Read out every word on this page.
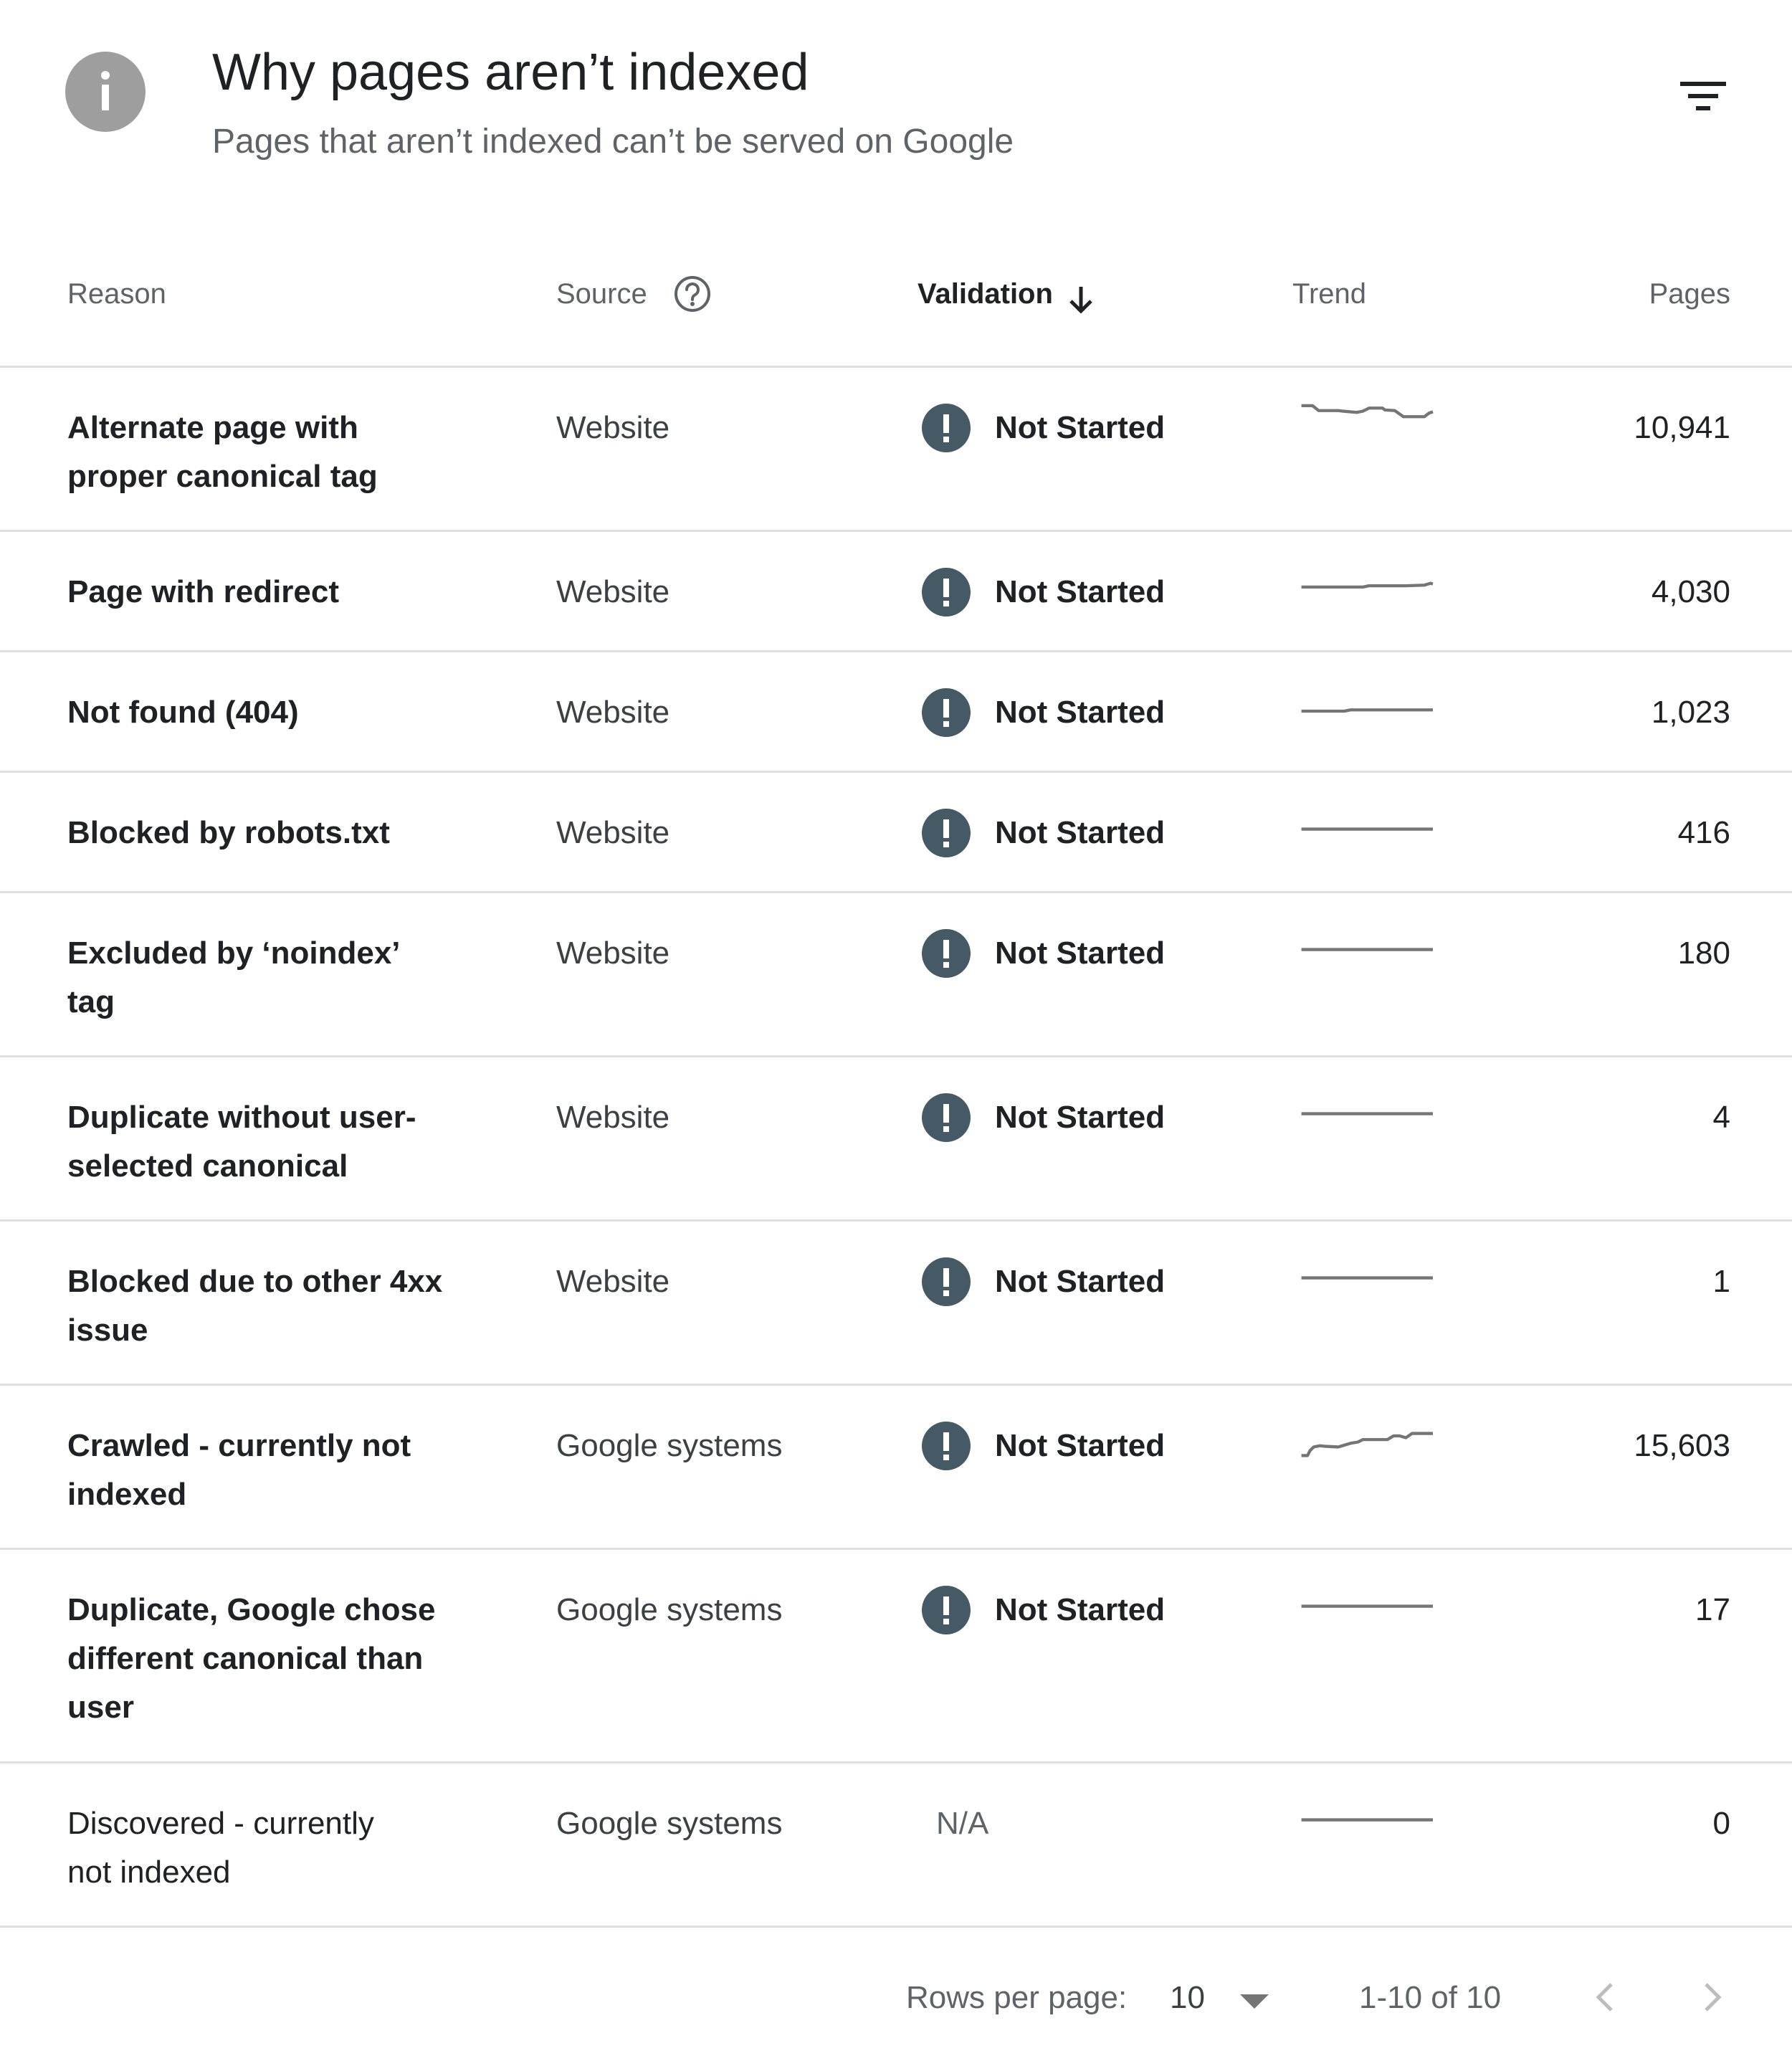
Why pages aren’t indexed
Pages that aren’t indexed can’t be served on Google
Reason	Source	Validation	Trend	Pages
Alternate page with
proper canonical tag
Website	Not Started	10,941
Page with redirect	Website	Not Started	4,030
Not found (404)	Website	Not Started	1,023
Blocked by robots.txt	Website	Not Started	416
Excluded by ‘noindex’
tag
Website	Not Started	180
Duplicate without user-
selected canonical
Website	Not Started	4
Blocked due to other 4xx
issue
Website	Not Started	1
Crawled - currently not
indexed
Google systems	Not Started	15,603
Duplicate, Google chose
different canonical than
user
Google systems	Not Started	17
Discovered - currently
not indexed
Google systems	N/A	0
Rows per page: 10	1-10 of 10
